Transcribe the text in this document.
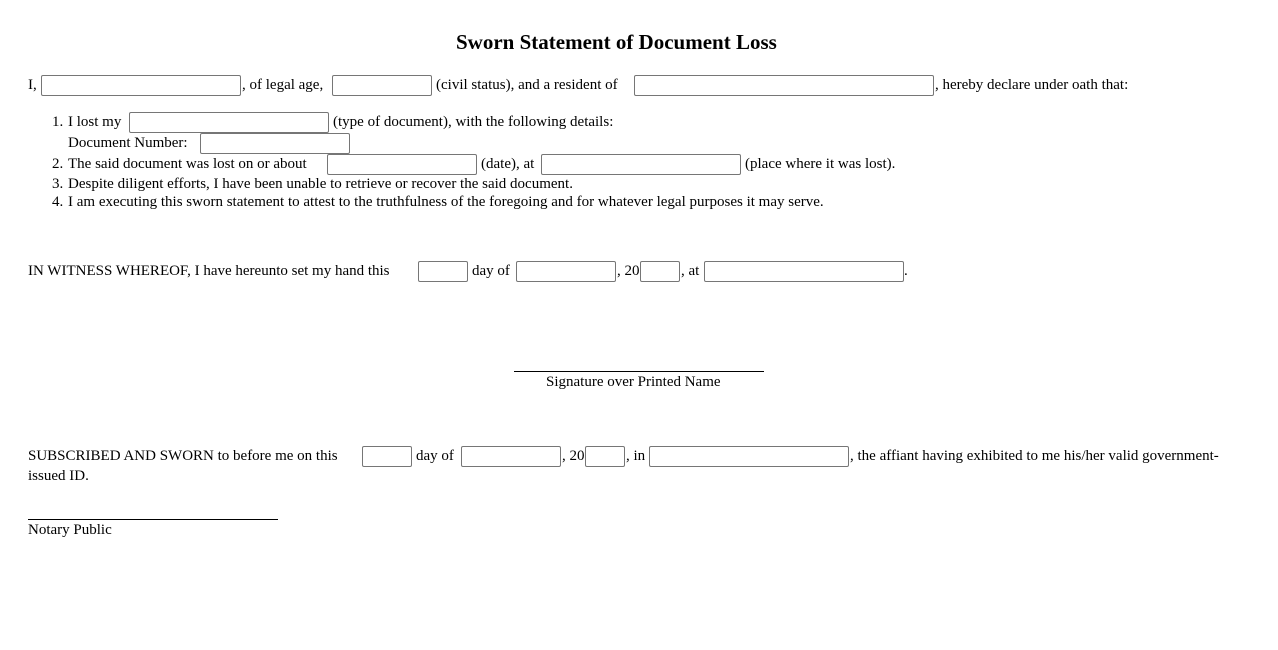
Sworn Statement of Document Loss
I,	, of legal age,	(civil status), and a resident of	, hereby declare under oath that:
1. I lost my	(type of document), with the following details:
Document Number:
2. The said document was lost on or about	(date), at	(place where it was lost).
3. Despite diligent efforts, I have been unable to retrieve or recover the said document.
4. I am executing this sworn statement to attest to the truthfulness of the foregoing and for whatever legal purposes it may serve.
IN WITNESS WHEREOF, I have hereunto set my hand this	day of	, 20	, at	.
Signature over Printed Name
SUBSCRIBED AND SWORN to before me on this	day of	, 20	, in	, the affiant having exhibited to me his/her valid government-
issued ID.
Notary Public
